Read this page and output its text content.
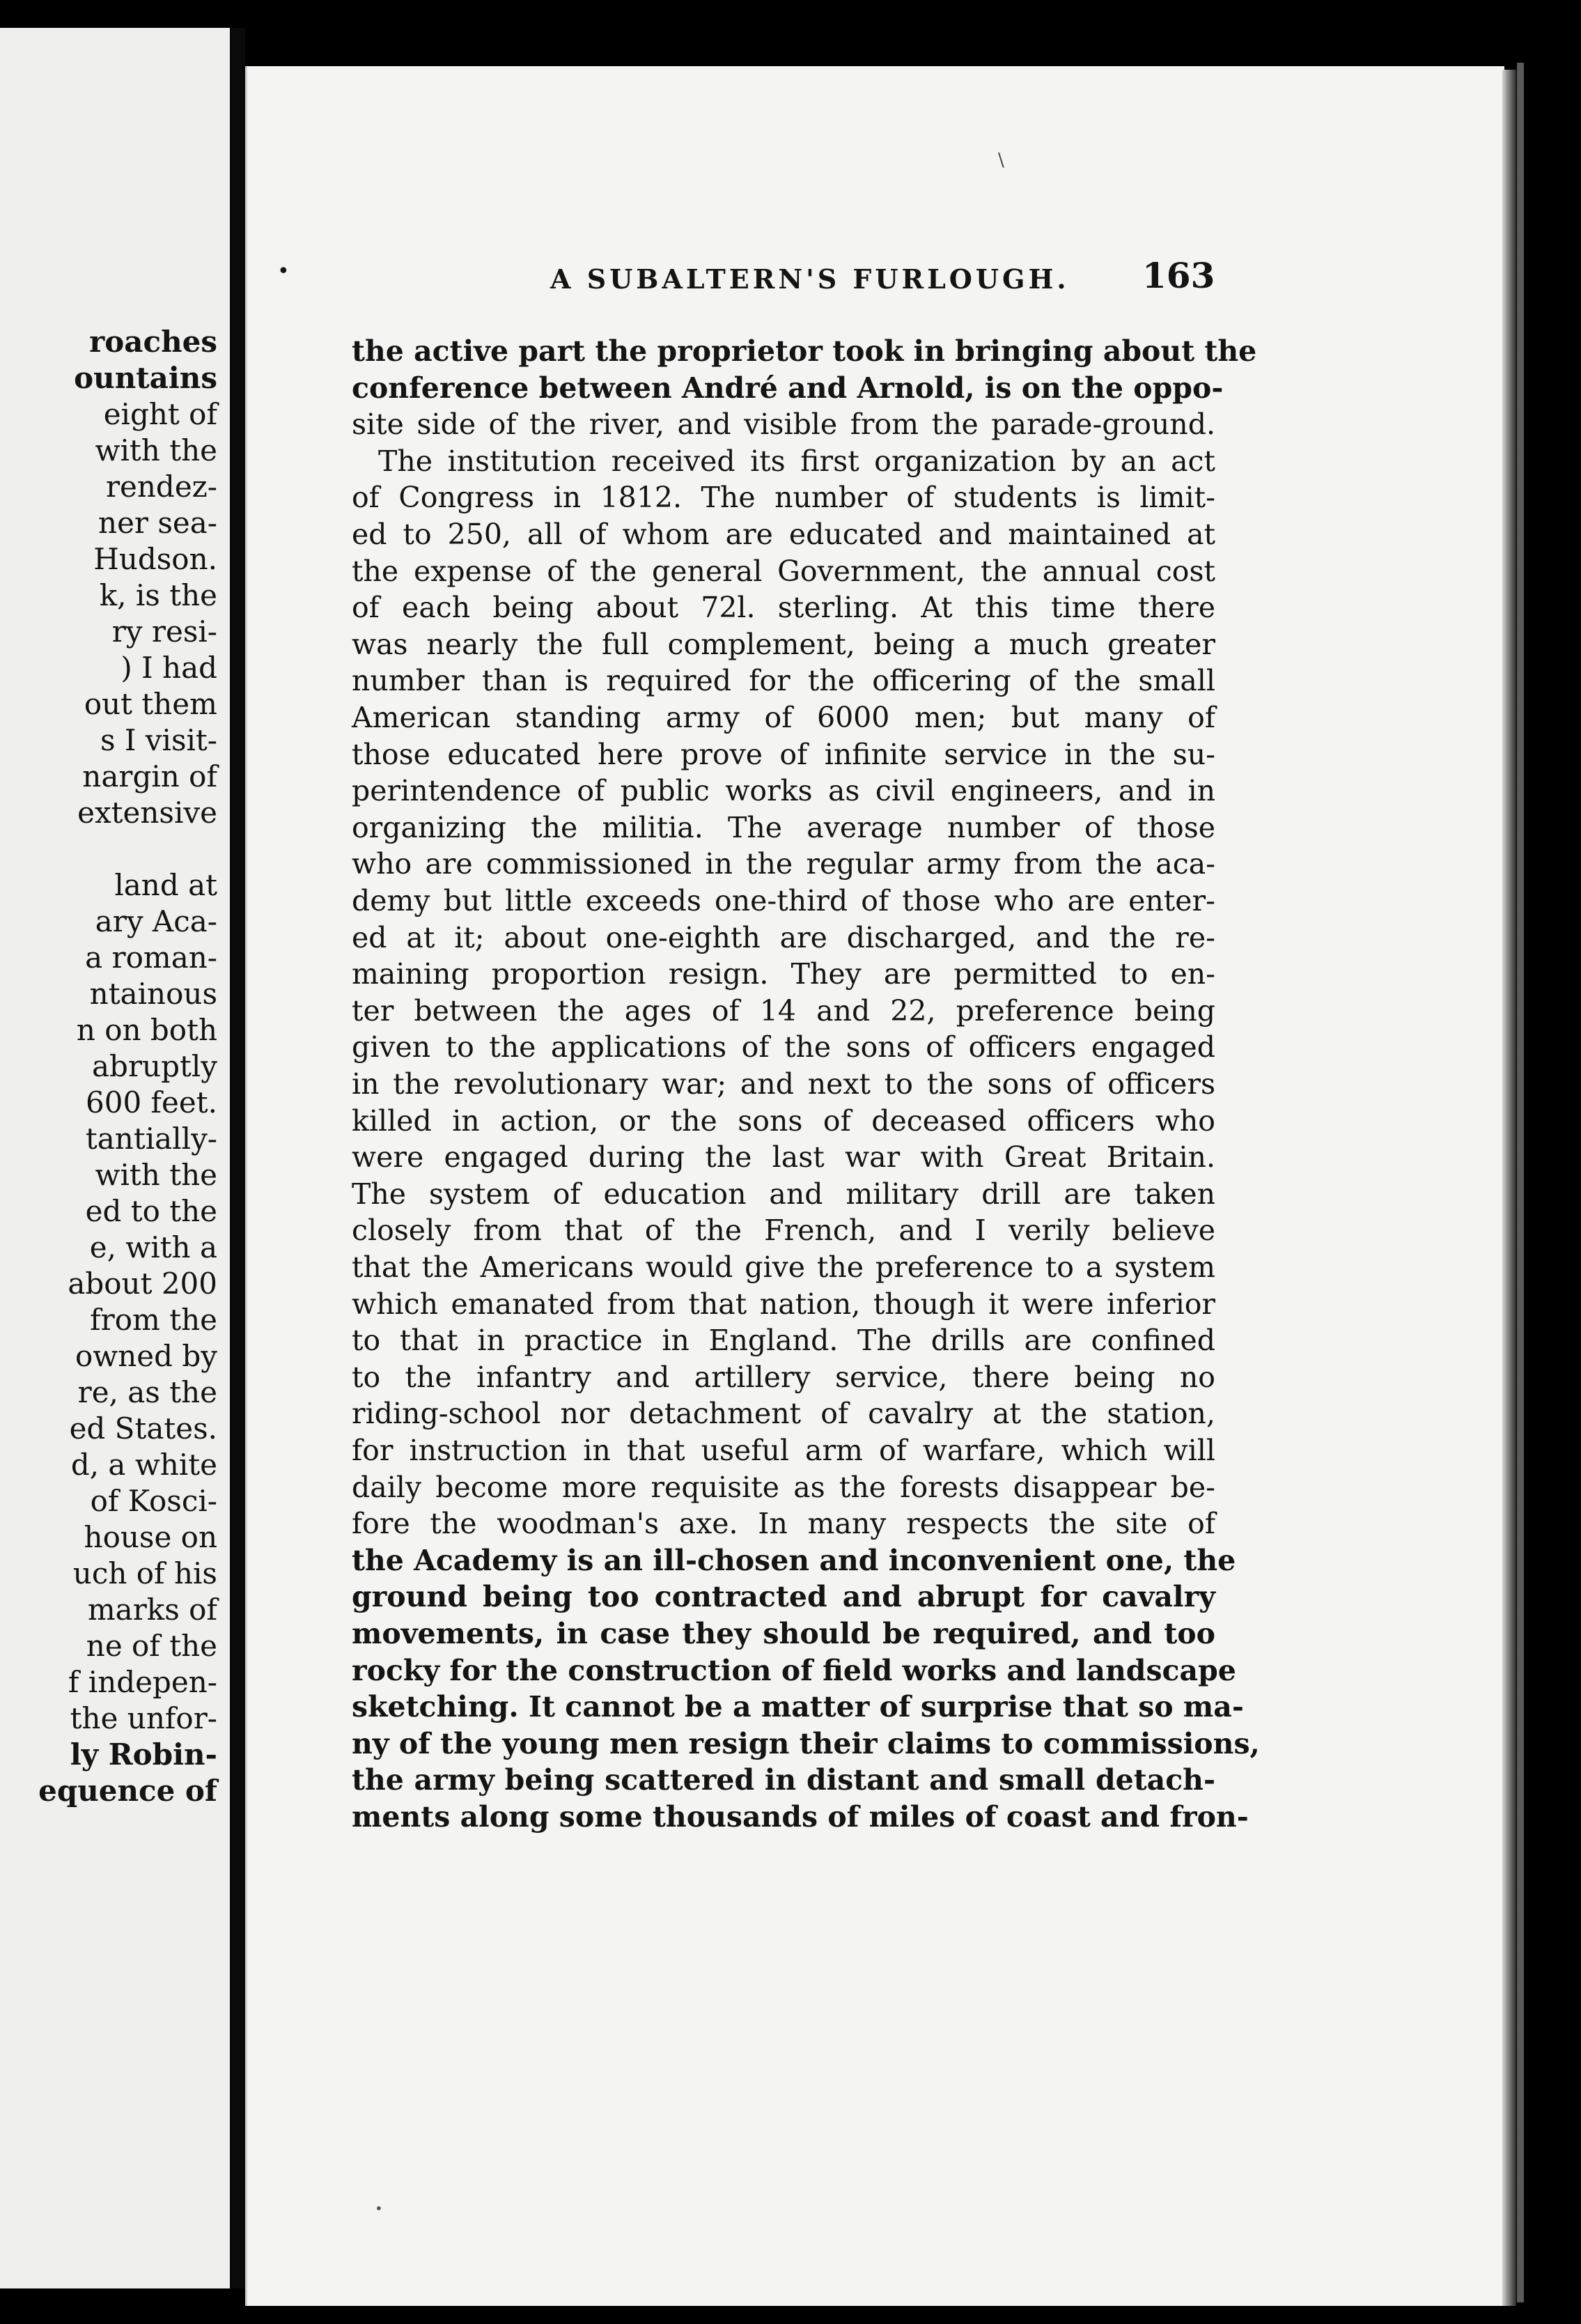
roaches
ountains
eight of
with the
rendez-
ner sea-
Hudson.
k, is the
ry resi-
) I had
out them
s I visit-
nargin of
extensive
land at
ary Aca-
a roman-
ntainous
n on both
abruptly
600 feet.
tantially-
with the
ed to the
e, with a
about 200
from the
owned by
re, as the
ed States.
d, a white
of Kosci-
house on
uch of his
marks of
ne of the
f indepen-
the unfor-
ly Robin-
equence of
\
•	A SUBALTERN'S FURLOUGH. 163
the active part the proprietor took in bringing about the
conference between André and Arnold, is on the oppo-
site side of the river, and visible from the parade-ground.
The institution received its first organization by an act
of Congress in 1812. The number of students is limit-
ed to 250, all of whom are educated and maintained at
the expense of the general Government, the annual cost
of each being about 72l. sterling. At this time there
was nearly the full complement, being a much greater
number than is required for the officering of the small
American standing army of 6000 men; but many of
those educated here prove of infinite service in the su-
perintendence of public works as civil engineers, and in
organizing the militia. The average number of those
who are commissioned in the regular army from the aca-
demy but little exceeds one-third of those who are enter-
ed at it; about one-eighth are discharged, and the re-
maining proportion resign. They are permitted to en-
ter between the ages of 14 and 22, preference being
given to the applications of the sons of officers engaged
in the revolutionary war; and next to the sons of officers
killed in action, or the sons of deceased officers who
were engaged during the last war with Great Britain.
The system of education and military drill are taken
closely from that of the French, and I verily believe
that the Americans would give the preference to a system
which emanated from that nation, though it were inferior
to that in practice in England. The drills are confined
to the infantry and artillery service, there being no
riding-school nor detachment of cavalry at the station,
for instruction in that useful arm of warfare, which will
daily become more requisite as the forests disappear be-
fore the woodman's axe. In many respects the site of
the Academy is an ill-chosen and inconvenient one, the
ground being too contracted and abrupt for cavalry
movements, in case they should be required, and too
rocky for the construction of field works and landscape
sketching. It cannot be a matter of surprise that so ma-
ny of the young men resign their claims to commissions,
the army being scattered in distant and small detach-
ments along some thousands of miles of coast and fron-
•
